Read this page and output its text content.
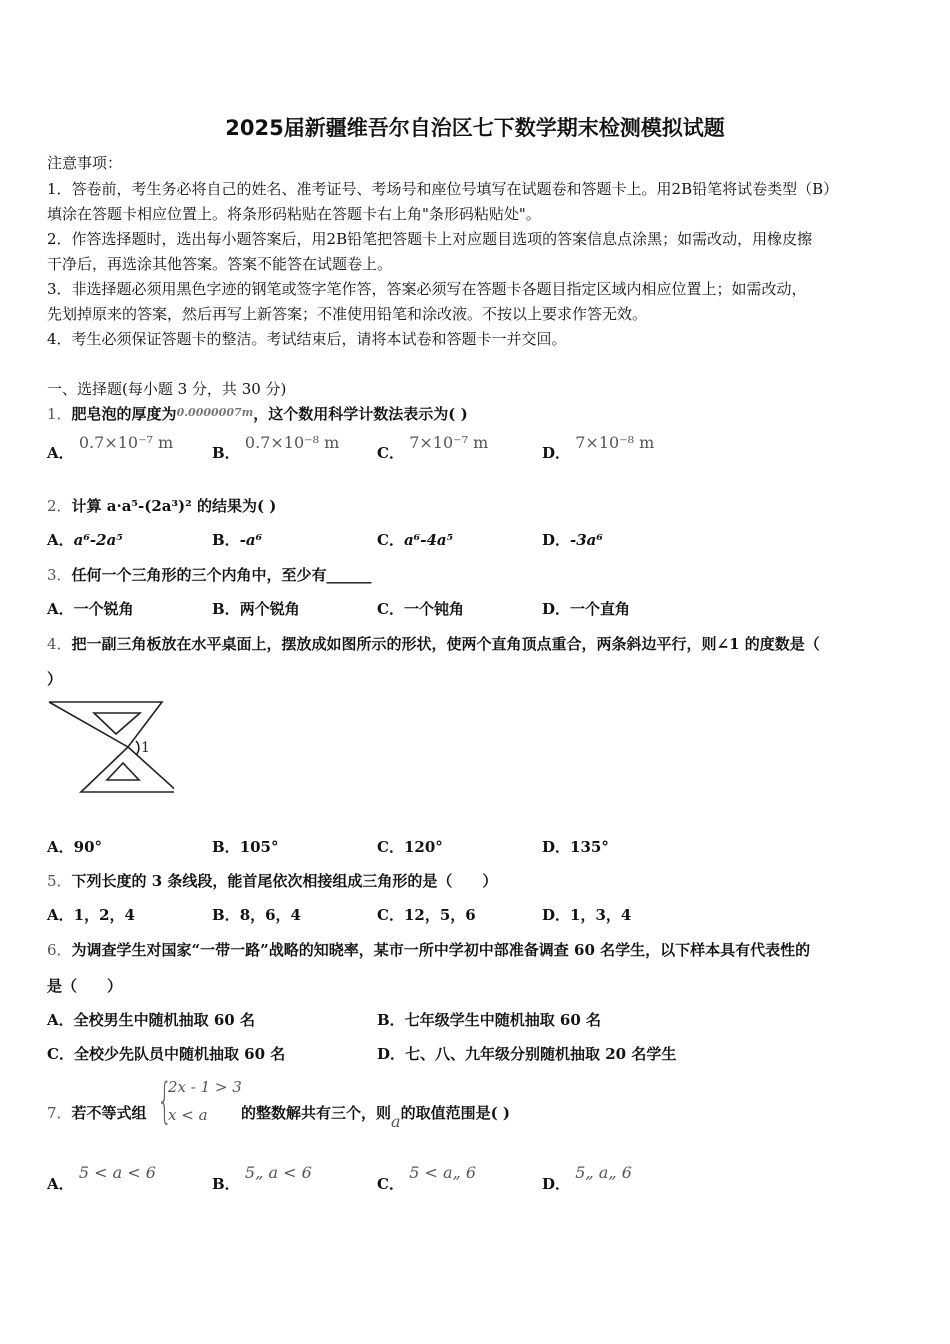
2025届新疆维吾尔自治区七下数学期末检测模拟试题
注意事项：
1．答卷前，考生务必将自己的姓名、准考证号、考场号和座位号填写在试题卷和答题卡上。用2B铅笔将试卷类型（B）
填涂在答题卡相应位置上。将条形码粘贴在答题卡右上角"条形码粘贴处"。
2．作答选择题时，选出每小题答案后，用2B铅笔把答题卡上对应题目选项的答案信息点涂黑；如需改动，用橡皮擦
干净后，再选涂其他答案。答案不能答在试题卷上。
3．非选择题必须用黑色字迹的钢笔或签字笔作答，答案必须写在答题卡各题目指定区域内相应位置上；如需改动，
先划掉原来的答案，然后再写上新答案；不准使用铅笔和涂改液。不按以上要求作答无效。
4．考生必须保证答题卡的整洁。考试结束后，请将本试卷和答题卡一并交回。
一、选择题(每小题 3 分，共 30 分)
1．肥皂泡的厚度为$^{0.0000007m}$，这个数用科学计数法表示为( )
A． 0.7×10⁻⁷ m
B． 0.7×10⁻⁸ m
C． 7×10⁻⁷ m
D． 7×10⁻⁸ m
2．计算 a·a⁵-(2a³)² 的结果为( )
A．a⁶-2a⁵	B．-a⁶	C．a⁶-4a⁵	D．-3a⁶
3．任何一个三角形的三个内角中，至少有______
A．一个锐角	B．两个锐角	C．一个钝角	D．一个直角
4．把一副三角板放在水平桌面上，摆放成如图所示的形状，使两个直角顶点重合，两条斜边平行，则∠1 的度数是（
）
1
A．90°	B．105°	C．120°	D．135°
5．下列长度的 3 条线段，能首尾依次相接组成三角形的是（　　）
A．1，2，4	B．8，6，4	C．12，5，6	D．1，3，4
6．为调查学生对国家“一带一路”战略的知晓率，某市一所中学初中部准备调查 60 名学生，以下样本具有代表性的
是（　　）
A．全校男生中随机抽取 60 名	B．七年级学生中随机抽取 60 名
C．全校少先队员中随机抽取 60 名	D．七、八、九年级分别随机抽取 20 名学生
7．若不等式组 {
2x - 1 > 3
x < a 的整数解共有三个，则a的取值范围是( )
A． 5 < a < 6
B． 5„ a < 6
C． 5 < a„ 6
D． 5„ a„ 6
